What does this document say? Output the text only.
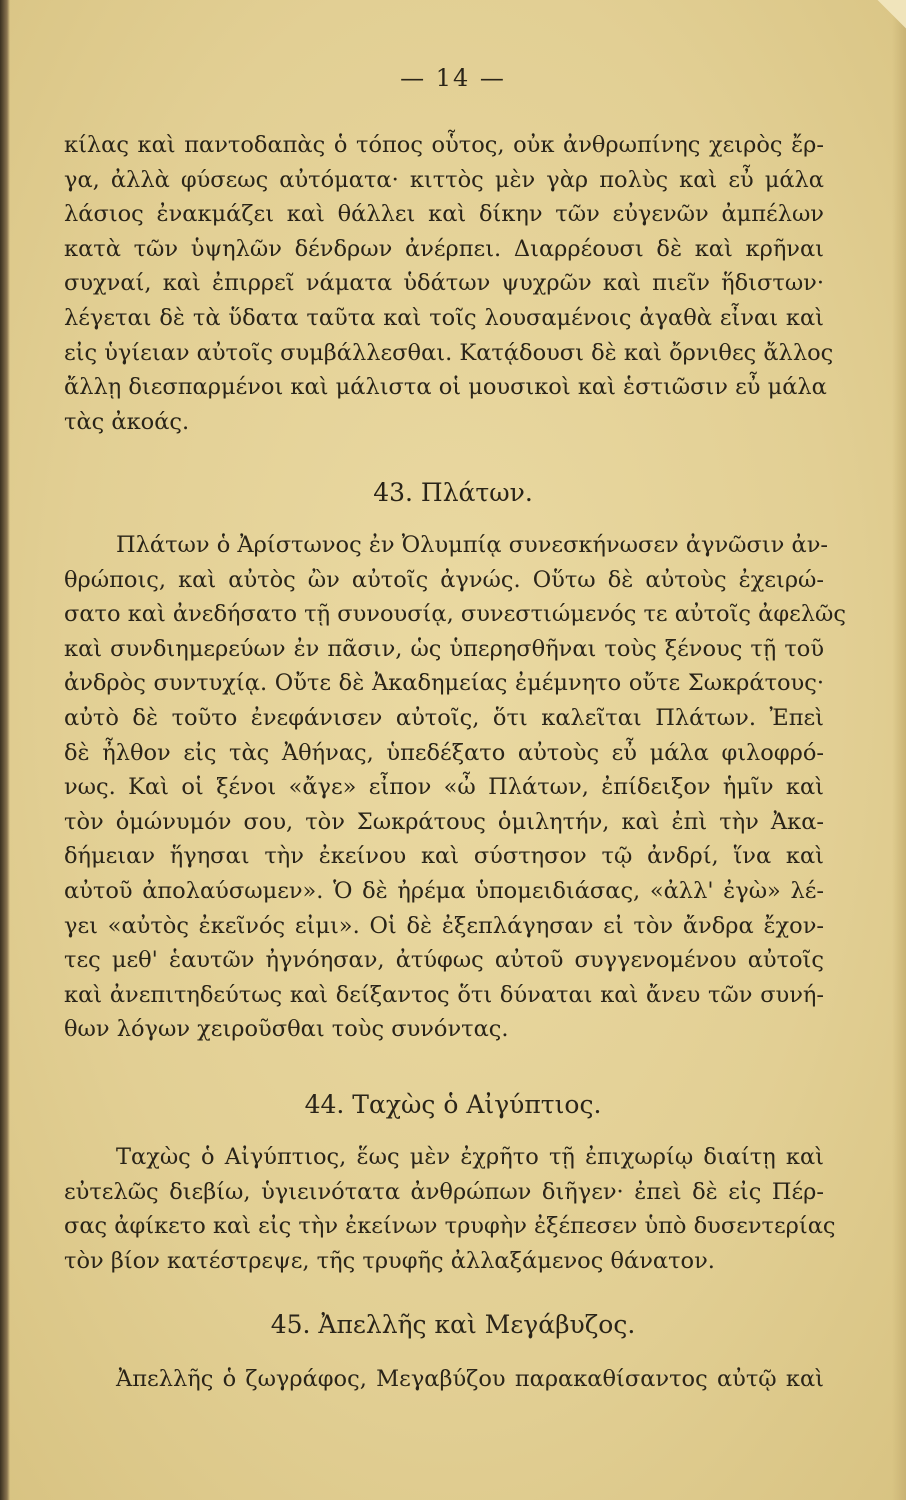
— 14 —
κίλας καὶ παντοδαπὰς ὁ τόπος οὗτος, οὐκ ἀνθρωπίνης χειρὸς ἔρ-
γα, ἀλλὰ φύσεως αὐτόματα· κιττὸς μὲν γὰρ πολὺς καὶ εὖ μάλα
λάσιος ἐνακμάζει καὶ θάλλει καὶ δίκην τῶν εὐγενῶν ἀμπέλων
κατὰ τῶν ὑψηλῶν δένδρων ἀνέρπει. Διαρρέουσι δὲ καὶ κρῆναι
συχναί, καὶ ἐπιρρεῖ νάματα ὑδάτων ψυχρῶν καὶ πιεῖν ἥδιστων·
λέγεται δὲ τὰ ὕδατα ταῦτα καὶ τοῖς λουσαμένοις ἀγαθὰ εἶναι καὶ
εἰς ὑγίειαν αὐτοῖς συμβάλλεσθαι. Κατᾴδουσι δὲ καὶ ὄρνιθες ἄλλος
ἄλλῃ διεσπαρμένοι καὶ μάλιστα οἱ μουσικοὶ καὶ ἑστιῶσιν εὖ μάλα
τὰς ἀκοάς.
43. Πλάτων.
Πλάτων ὁ Ἀρίστωνος ἐν Ὀλυμπίᾳ συνεσκήνωσεν ἀγνῶσιν ἀν-
θρώποις, καὶ αὐτὸς ὢν αὐτοῖς ἀγνώς. Οὕτω δὲ αὐτοὺς ἐχειρώ-
σατο καὶ ἀνεδήσατο τῇ συνουσίᾳ, συνεστιώμενός τε αὐτοῖς ἀφελῶς
καὶ συνδιημερεύων ἐν πᾶσιν, ὡς ὑπερησθῆναι τοὺς ξένους τῇ τοῦ
ἀνδρὸς συντυχίᾳ. Οὔτε δὲ Ἀκαδημείας ἐμέμνητο οὔτε Σωκράτους·
αὐτὸ δὲ τοῦτο ἐνεφάνισεν αὐτοῖς, ὅτι καλεῖται Πλάτων. Ἐπεὶ
δὲ ἦλθον εἰς τὰς Ἀθήνας, ὑπεδέξατο αὐτοὺς εὖ μάλα φιλοφρό-
νως. Καὶ οἱ ξένοι «ἄγε» εἶπον «ὦ Πλάτων, ἐπίδειξον ἡμῖν καὶ
τὸν ὁμώνυμόν σου, τὸν Σωκράτους ὁμιλητήν, καὶ ἐπὶ τὴν Ἀκα-
δήμειαν ἥγησαι τὴν ἐκείνου καὶ σύστησον τῷ ἀνδρί, ἵνα καὶ
αὐτοῦ ἀπολαύσωμεν». Ὁ δὲ ἠρέμα ὑπομειδιάσας, «ἀλλ' ἐγὼ» λέ-
γει «αὐτὸς ἐκεῖνός εἰμι». Οἱ δὲ ἐξεπλάγησαν εἰ τὸν ἄνδρα ἔχον-
τες μεθ' ἑαυτῶν ἠγνόησαν, ἀτύφως αὐτοῦ συγγενομένου αὐτοῖς
καὶ ἀνεπιτηδεύτως καὶ δείξαντος ὅτι δύναται καὶ ἄνευ τῶν συνή-
θων λόγων χειροῦσθαι τοὺς συνόντας.
44. Ταχὼς ὁ Αἰγύπτιος.
Ταχὼς ὁ Αἰγύπτιος, ἕως μὲν ἐχρῆτο τῇ ἐπιχωρίῳ διαίτῃ καὶ
εὐτελῶς διεβίω, ὑγιεινότατα ἀνθρώπων διῆγεν· ἐπεὶ δὲ εἰς Πέρ-
σας ἀφίκετο καὶ εἰς τὴν ἐκείνων τρυφὴν ἐξέπεσεν ὑπὸ δυσεντερίας
τὸν βίον κατέστρεψε, τῆς τρυφῆς ἀλλαξάμενος θάνατον.
45. Ἀπελλῆς καὶ Μεγάβυζος.
Ἀπελλῆς ὁ ζωγράφος, Μεγαβύζου παρακαθίσαντος αὐτῷ καὶ
